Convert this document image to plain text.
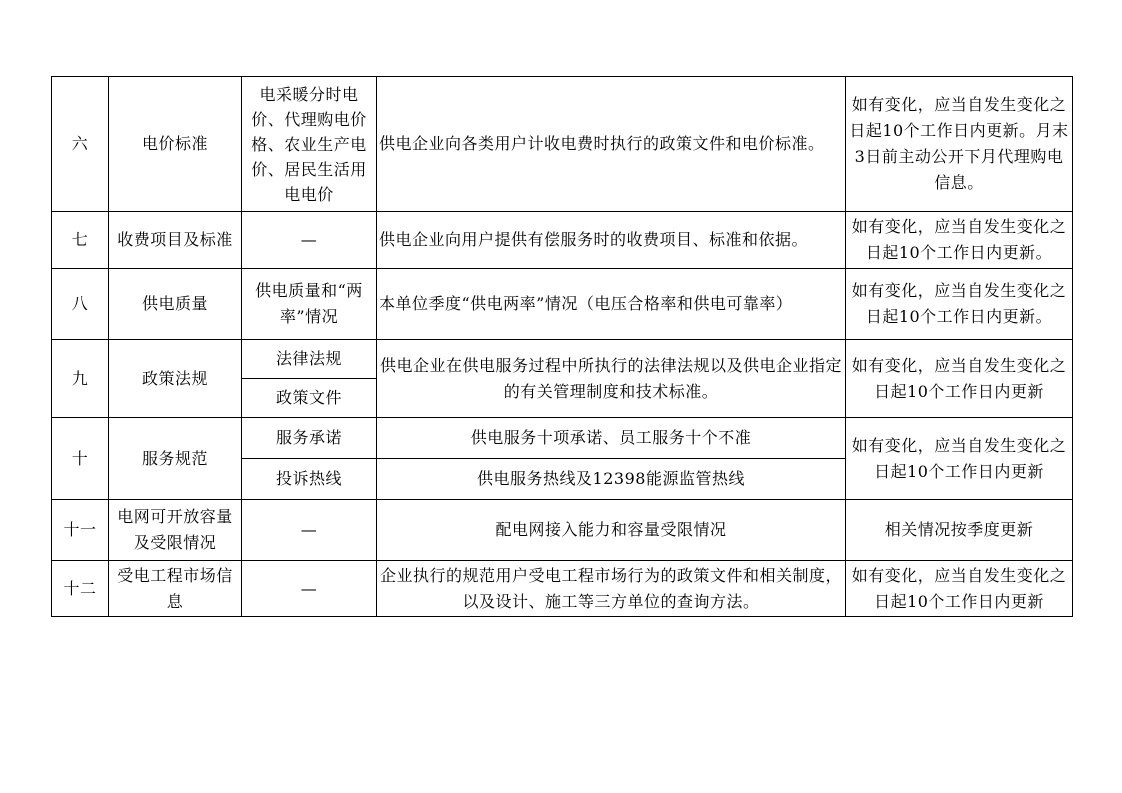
六	电价标准	电采暖分时电价、代理购电价格、农业生产电价、居民生活用电电价	供电企业向各类用户计收电费时执行的政策文件和电价标准。	如有变化，应当自发生变化之日起10个工作日内更新。月末3日前主动公开下月代理购电信息。
七	收费项目及标准	—	供电企业向用户提供有偿服务时的收费项目、标准和依据。	如有变化，应当自发生变化之日起10个工作日内更新。
八	供电质量	供电质量和“两率”情况	本单位季度“供电两率”情况（电压合格率和供电可靠率）	如有变化，应当自发生变化之日起10个工作日内更新。
九	政策法规	法律法规	供电企业在供电服务过程中所执行的法律法规以及供电企业指定的有关管理制度和技术标准。	如有变化，应当自发生变化之日起10个工作日内更新
		政策文件		
十	服务规范	服务承诺	供电服务十项承诺、员工服务十个不准	如有变化，应当自发生变化之日起10个工作日内更新
		投诉热线	供电服务热线及12398能源监管热线	
十一	电网可开放容量及受限情况	—	配电网接入能力和容量受限情况	相关情况按季度更新
十二	受电工程市场信息	—	企业执行的规范用户受电工程市场行为的政策文件和相关制度，以及设计、施工等三方单位的查询方法。	如有变化，应当自发生变化之日起10个工作日内更新
